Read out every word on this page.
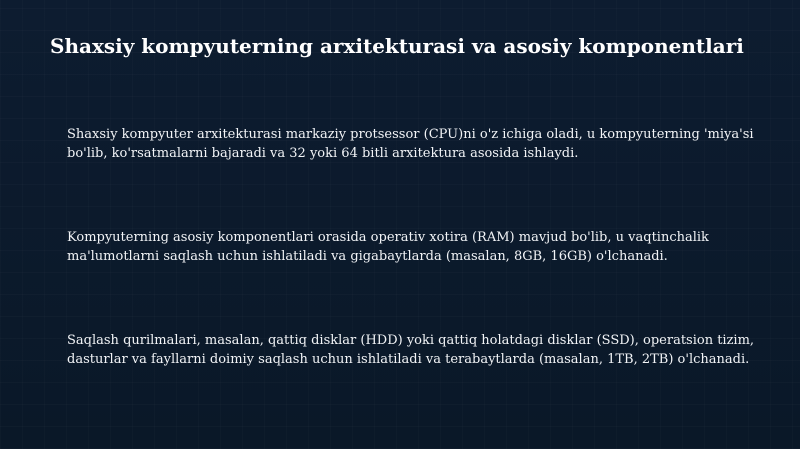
Shaxsiy kompyuterning arxitekturasi va asosiy komponentlari

Shaxsiy kompyuter arxitekturasi markaziy protsessor (CPU)ni o'z ichiga oladi, u kompyuterning 'miya'si bo'lib, ko'rsatmalarni bajaradi va 32 yoki 64 bitli arxitektura asosida ishlaydi.

Kompyuterning asosiy komponentlari orasida operativ xotira (RAM) mavjud bo'lib, u vaqtinchalik ma'lumotlarni saqlash uchun ishlatiladi va gigabaytlarda (masalan, 8GB, 16GB) o'lchanadi.

Saqlash qurilmalari, masalan, qattiq disklar (HDD) yoki qattiq holatdagi disklar (SSD), operatsion tizim, dasturlar va fayllarni doimiy saqlash uchun ishlatiladi va terabaytlarda (masalan, 1TB, 2TB) o'lchanadi.
